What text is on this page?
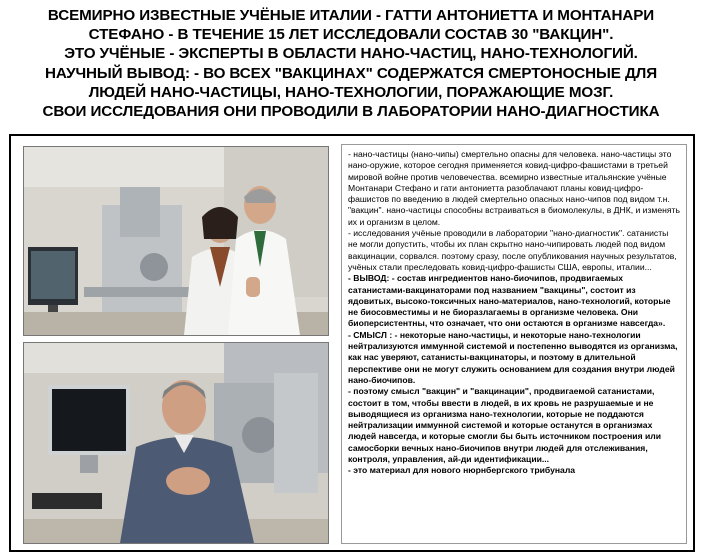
ВСЕМИРНО ИЗВЕСТНЫЕ УЧЁНЫЕ ИТАЛИИ - ГАТТИ АНТОНИЕТТА И МОНТАНАРИ
СТЕФАНО - В ТЕЧЕНИЕ 15 ЛЕТ ИССЛЕДОВАЛИ СОСТАВ 30 "ВАКЦИН".
ЭТО УЧЁНЫЕ - ЭКСПЕРТЫ В ОБЛАСТИ НАНО-ЧАСТИЦ, НАНО-ТЕХНОЛОГИЙ.
НАУЧНЫЙ ВЫВОД: - ВО ВСЕХ "ВАКЦИНАХ" СОДЕРЖАТСЯ СМЕРТОНОСНЫЕ ДЛЯ
ЛЮДЕЙ НАНО-ЧАСТИЦЫ, НАНО-ТЕХНОЛОГИИ, ПОРАЖАЮЩИЕ МОЗГ.
СВОИ ИССЛЕДОВАНИЯ ОНИ ПРОВОДИЛИ В ЛАБОРАТОРИИ НАНО-ДИАГНОСТИКА

- нано-частицы (нано-чипы) смертельно опасны для человека. нано-частицы это нано-оружие, которое сегодня применяется ковид-цифро-фашистами в третьей мировой войне против человечества. всемирно известные итальянские учёные Монтанари Стефано и гати антониетта разоблачают планы ковид-цифро-фашистов по введению в людей смертельно опасных нано-чипов под видом т.н. "вакцин". нано-частицы способны встраиваться в биомолекулы, в ДНК, и изменять их и организм в целом.

- исследования учёные проводили в лаборатории "нано-диагностик". сатанисты не могли допустить, чтобы их план скрытно нано-чипировать людей под видом вакцинации, сорвался. поэтому сразу, после опубликования научных результатов, учёных стали преследовать ковид-цифро-фашисты США, европы, италии...

- ВЫВОД: - состав ингредиентов нано-биочипов, продвигаемых сатанистами-вакцинаторами под названием "вакцины", состоит из ядовитых, высоко-токсичных нано-материалов, нано-технологий, которые не биосовместимы и не биоразлагаемы в организме человека. Они биоперсистентны, что означает, что они остаются в организме навсегда».

- СМЫСЛ : - некоторые нано-частицы, и некоторые нано-технологии нейтрализуются иммунной системой и постепенно выводятся из организма, как нас уверяют, сатанисты-вакцинаторы, и поэтому в длительной перспективе они не могут служить основанием для создания внутри людей нано-биочипов.

- поэтому смысл "вакцин" и "вакцинации", продвигаемой сатанистами, состоит в том, чтобы ввести в людей, в их кровь не разрушаемые и не выводящиеся из организма нано-технологии, которые не поддаются нейтрализации иммунной системой и которые останутся в организмах людей навсегда, и которые смогли бы быть источником построения или самосборки вечных нано-биочипов внутри людей для отслеживания, контроля, управления, ай-ди идентификации...

- это материал для нового нюрнбергского трибунала
